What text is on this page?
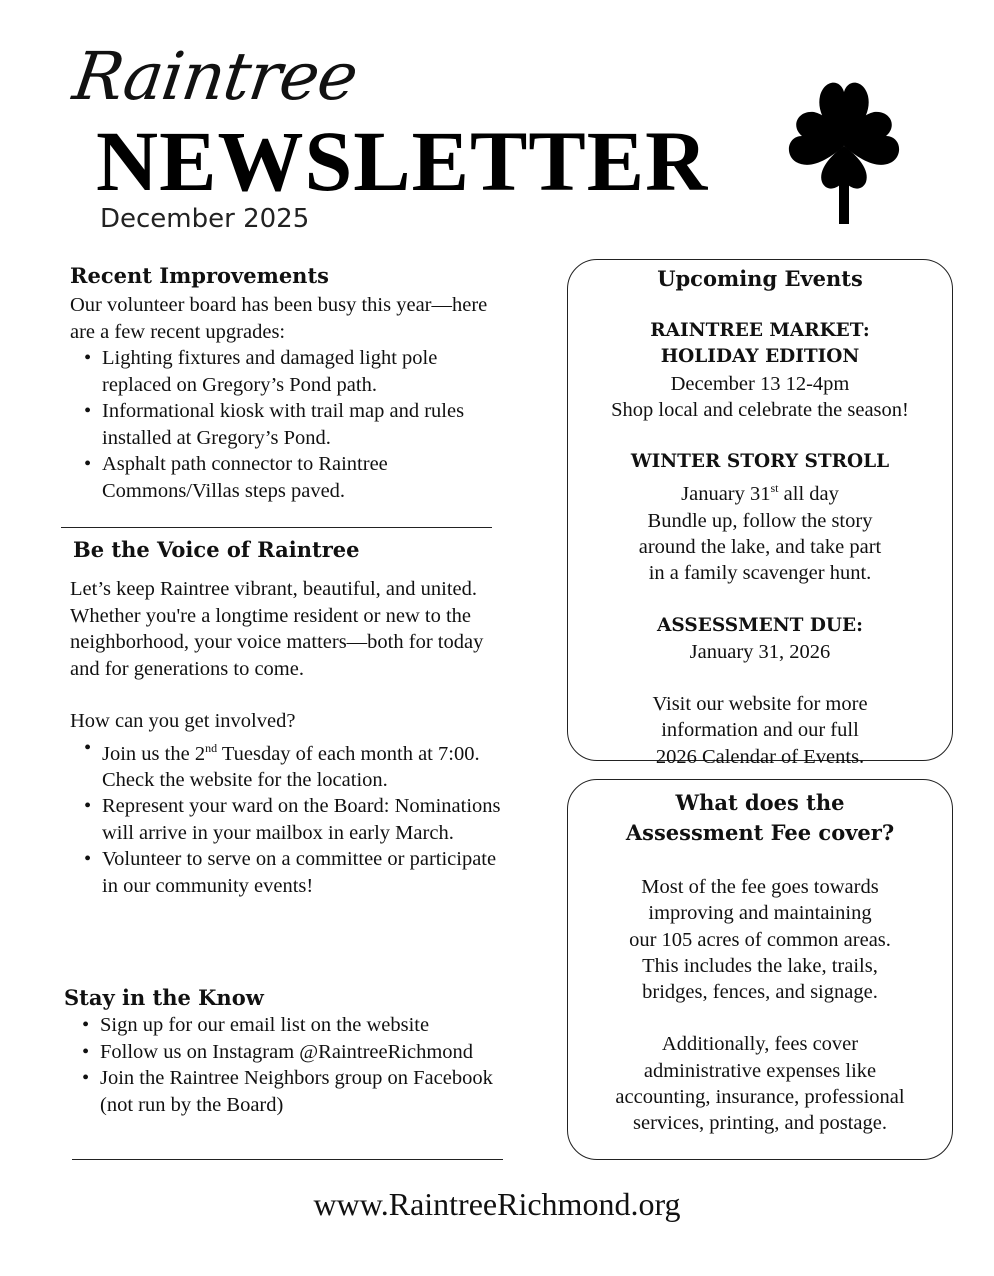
Raintree
NEWSLETTER
December 2025
Recent Improvements

Our volunteer board has been busy this year—here are a few recent upgrades:

• Lighting fixtures and damaged light pole replaced on Gregory’s Pond path.
• Informational kiosk with trail map and rules installed at Gregory’s Pond.
• Asphalt path connector to Raintree Commons/Villas steps paved.
Be the Voice of Raintree

Let’s keep Raintree vibrant, beautiful, and united. Whether you're a longtime resident or new to the neighborhood, your voice matters—both for today and for generations to come.

How can you get involved?

• Join us the 2nd Tuesday of each month at 7:00. Check the website for the location.
• Represent your ward on the Board: Nominations will arrive in your mailbox in early March.
• Volunteer to serve on a committee or participate in our community events!
Stay in the Know
• Sign up for our email list on the website
• Follow us on Instagram @RaintreeRichmond
• Join the Raintree Neighbors group on Facebook (not run by the Board)
Upcoming Events

RAINTREE MARKET:

HOLIDAY EDITION

December 13 12-4pm

Shop local and celebrate the season!

WINTER STORY STROLL

January 31st all day

Bundle up, follow the story

around the lake, and take part

in a family scavenger hunt.

ASSESSMENT DUE:

January 31, 2026

Visit our website for more

information and our full

2026 Calendar of Events.

What does the
Assessment Fee cover?

Most of the fee goes towards

improving and maintaining

our 105 acres of common areas.

This includes the lake, trails,

bridges, fences, and signage.

Additionally, fees cover

administrative expenses like

accounting, insurance, professional

services, printing, and postage.

www.RaintreeRichmond.org
